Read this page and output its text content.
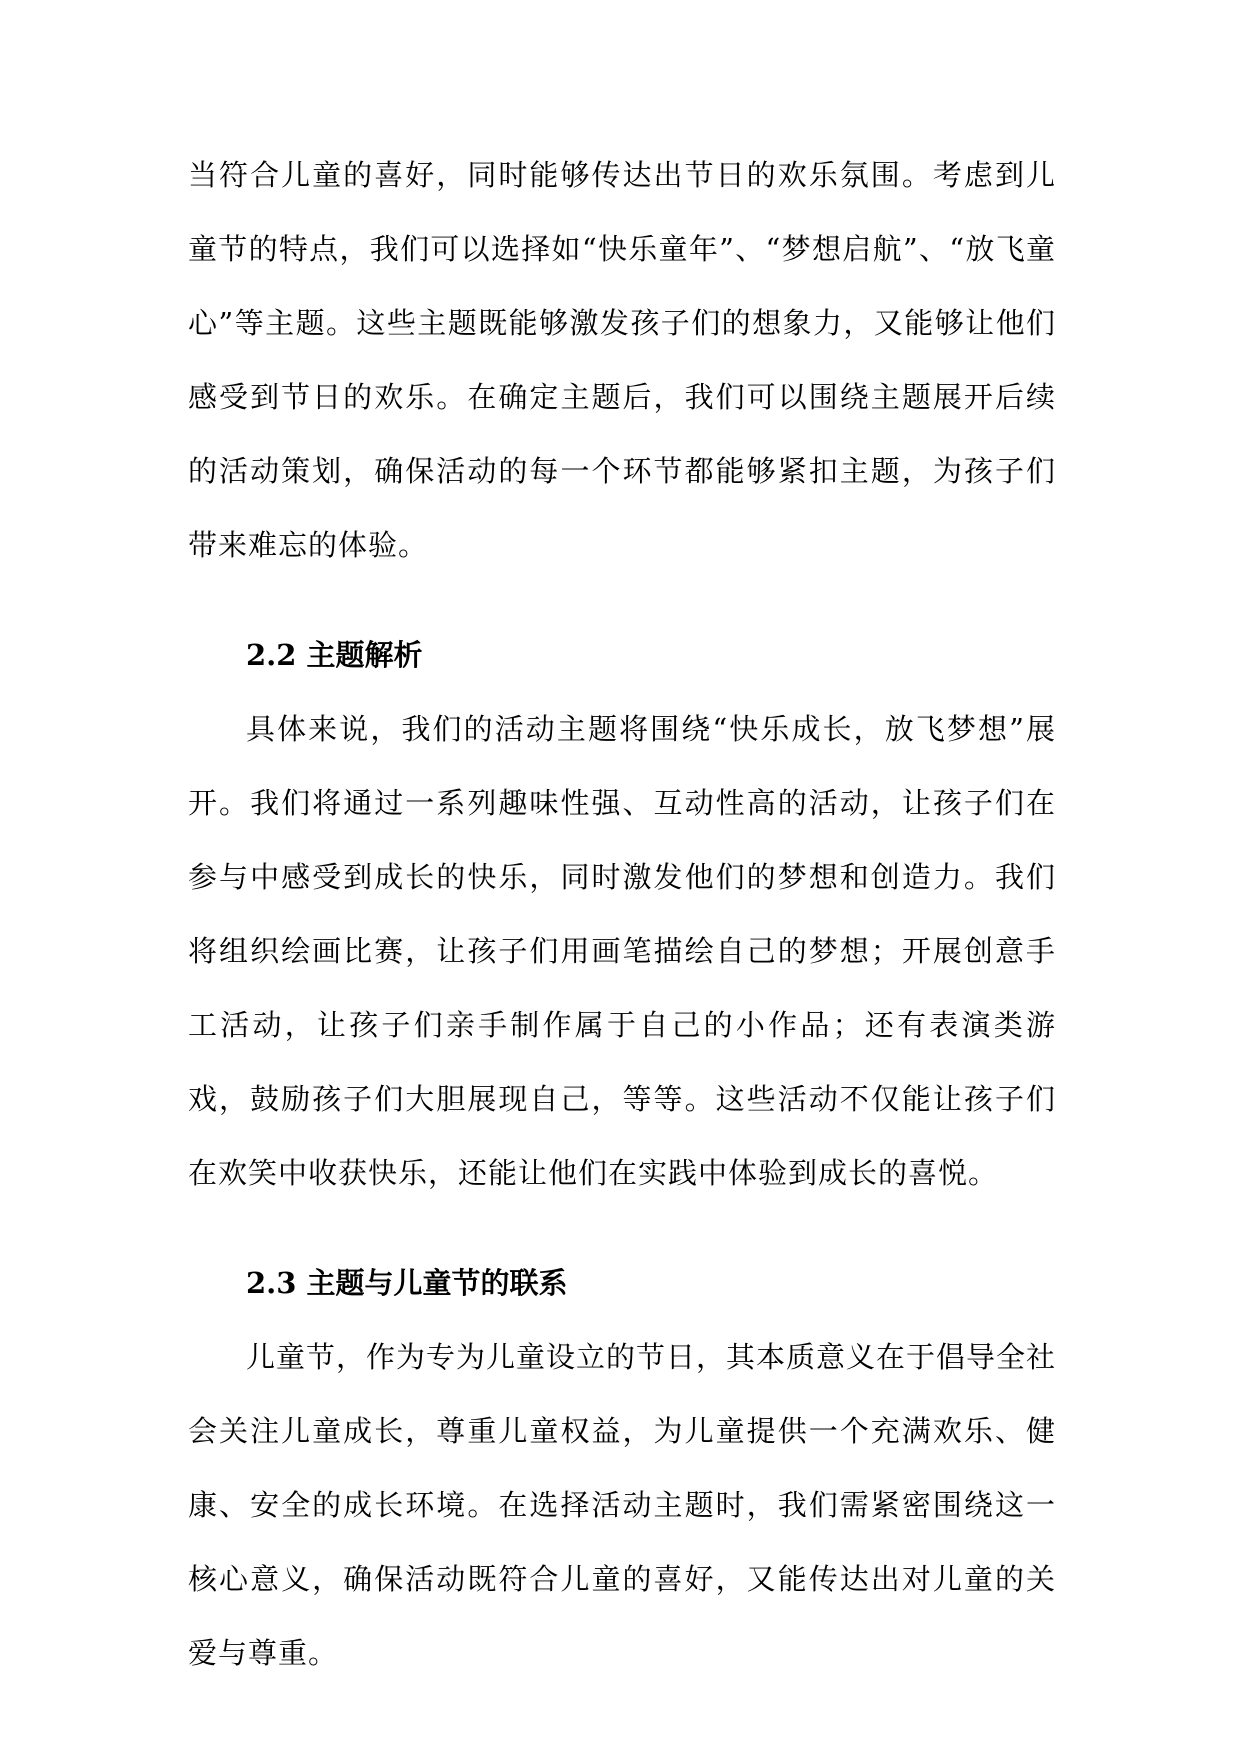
当符合儿童的喜好，同时能够传达出节日的欢乐氛围。考虑到儿童节的特点，我们可以选择如“快乐童年”、“梦想启航”、“放飞童心”等主题。这些主题既能够激发孩子们的想象力，又能够让他们感受到节日的欢乐。在确定主题后，我们可以围绕主题展开后续的活动策划，确保活动的每一个环节都能够紧扣主题，为孩子们带来难忘的体验。

2.2 主题解析

具体来说，我们的活动主题将围绕“快乐成长，放飞梦想”展开。我们将通过一系列趣味性强、互动性高的活动，让孩子们在参与中感受到成长的快乐，同时激发他们的梦想和创造力。我们将组织绘画比赛，让孩子们用画笔描绘自己的梦想；开展创意手工活动，让孩子们亲手制作属于自己的小作品；还有表演类游戏，鼓励孩子们大胆展现自己，等等。这些活动不仅能让孩子们在欢笑中收获快乐，还能让他们在实践中体验到成长的喜悦。

2.3 主题与儿童节的联系

儿童节，作为专为儿童设立的节日，其本质意义在于倡导全社会关注儿童成长，尊重儿童权益，为儿童提供一个充满欢乐、健康、安全的成长环境。在选择活动主题时，我们需紧密围绕这一核心意义，确保活动既符合儿童的喜好，又能传达出对儿童的关爱与尊重。
